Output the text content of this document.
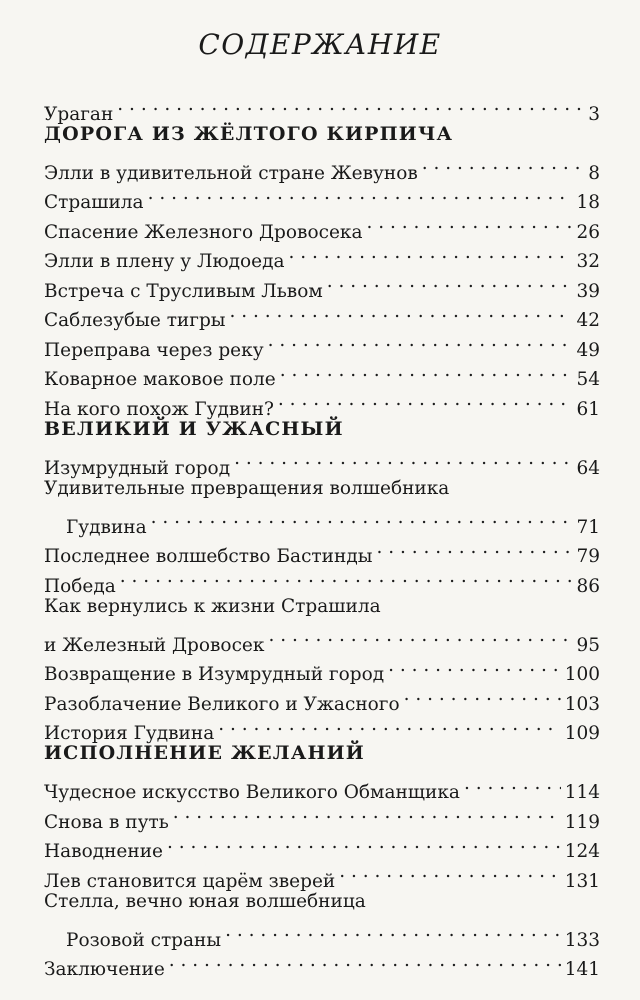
СОДЕРЖАНИЕ
Ураган . . .	3
ДОРОГА ИЗ ЖЁЛТОГО КИРПИЧА
Элли в удивительной стране Жевунов . . .	8
Страшила . . .	18
Спасение Железного Дровосека . . .	26
Элли в плену у Людоеда . . .	32
Встреча с Трусливым Львом . . .	39
Саблезубые тигры . . .	42
Переправа через реку . . .	49
Коварное маковое поле . . .	54
На кого похож Гудвин? . . .	61
ВЕЛИКИЙ И УЖАСНЫЙ
Изумрудный город . . .	64
Удивительные превращения волшебника
Гудвина . . .	71
Последнее волшебство Бастинды . . .	79
Победа . . .	86
Как вернулись к жизни Страшила
и Железный Дровосек . . .	95
Возвращение в Изумрудный город . . .	100
Разоблачение Великого и Ужасного . . .	103
История Гудвина . . .	109
ИСПОЛНЕНИЕ ЖЕЛАНИЙ
Чудесное искусство Великого Обманщика . . .	114
Снова в путь . . .	119
Наводнение . . .	124
Лев становится царём зверей . . .	131
Стелла, вечно юная волшебница
Розовой страны . . .	133
Заключение . . .	141
